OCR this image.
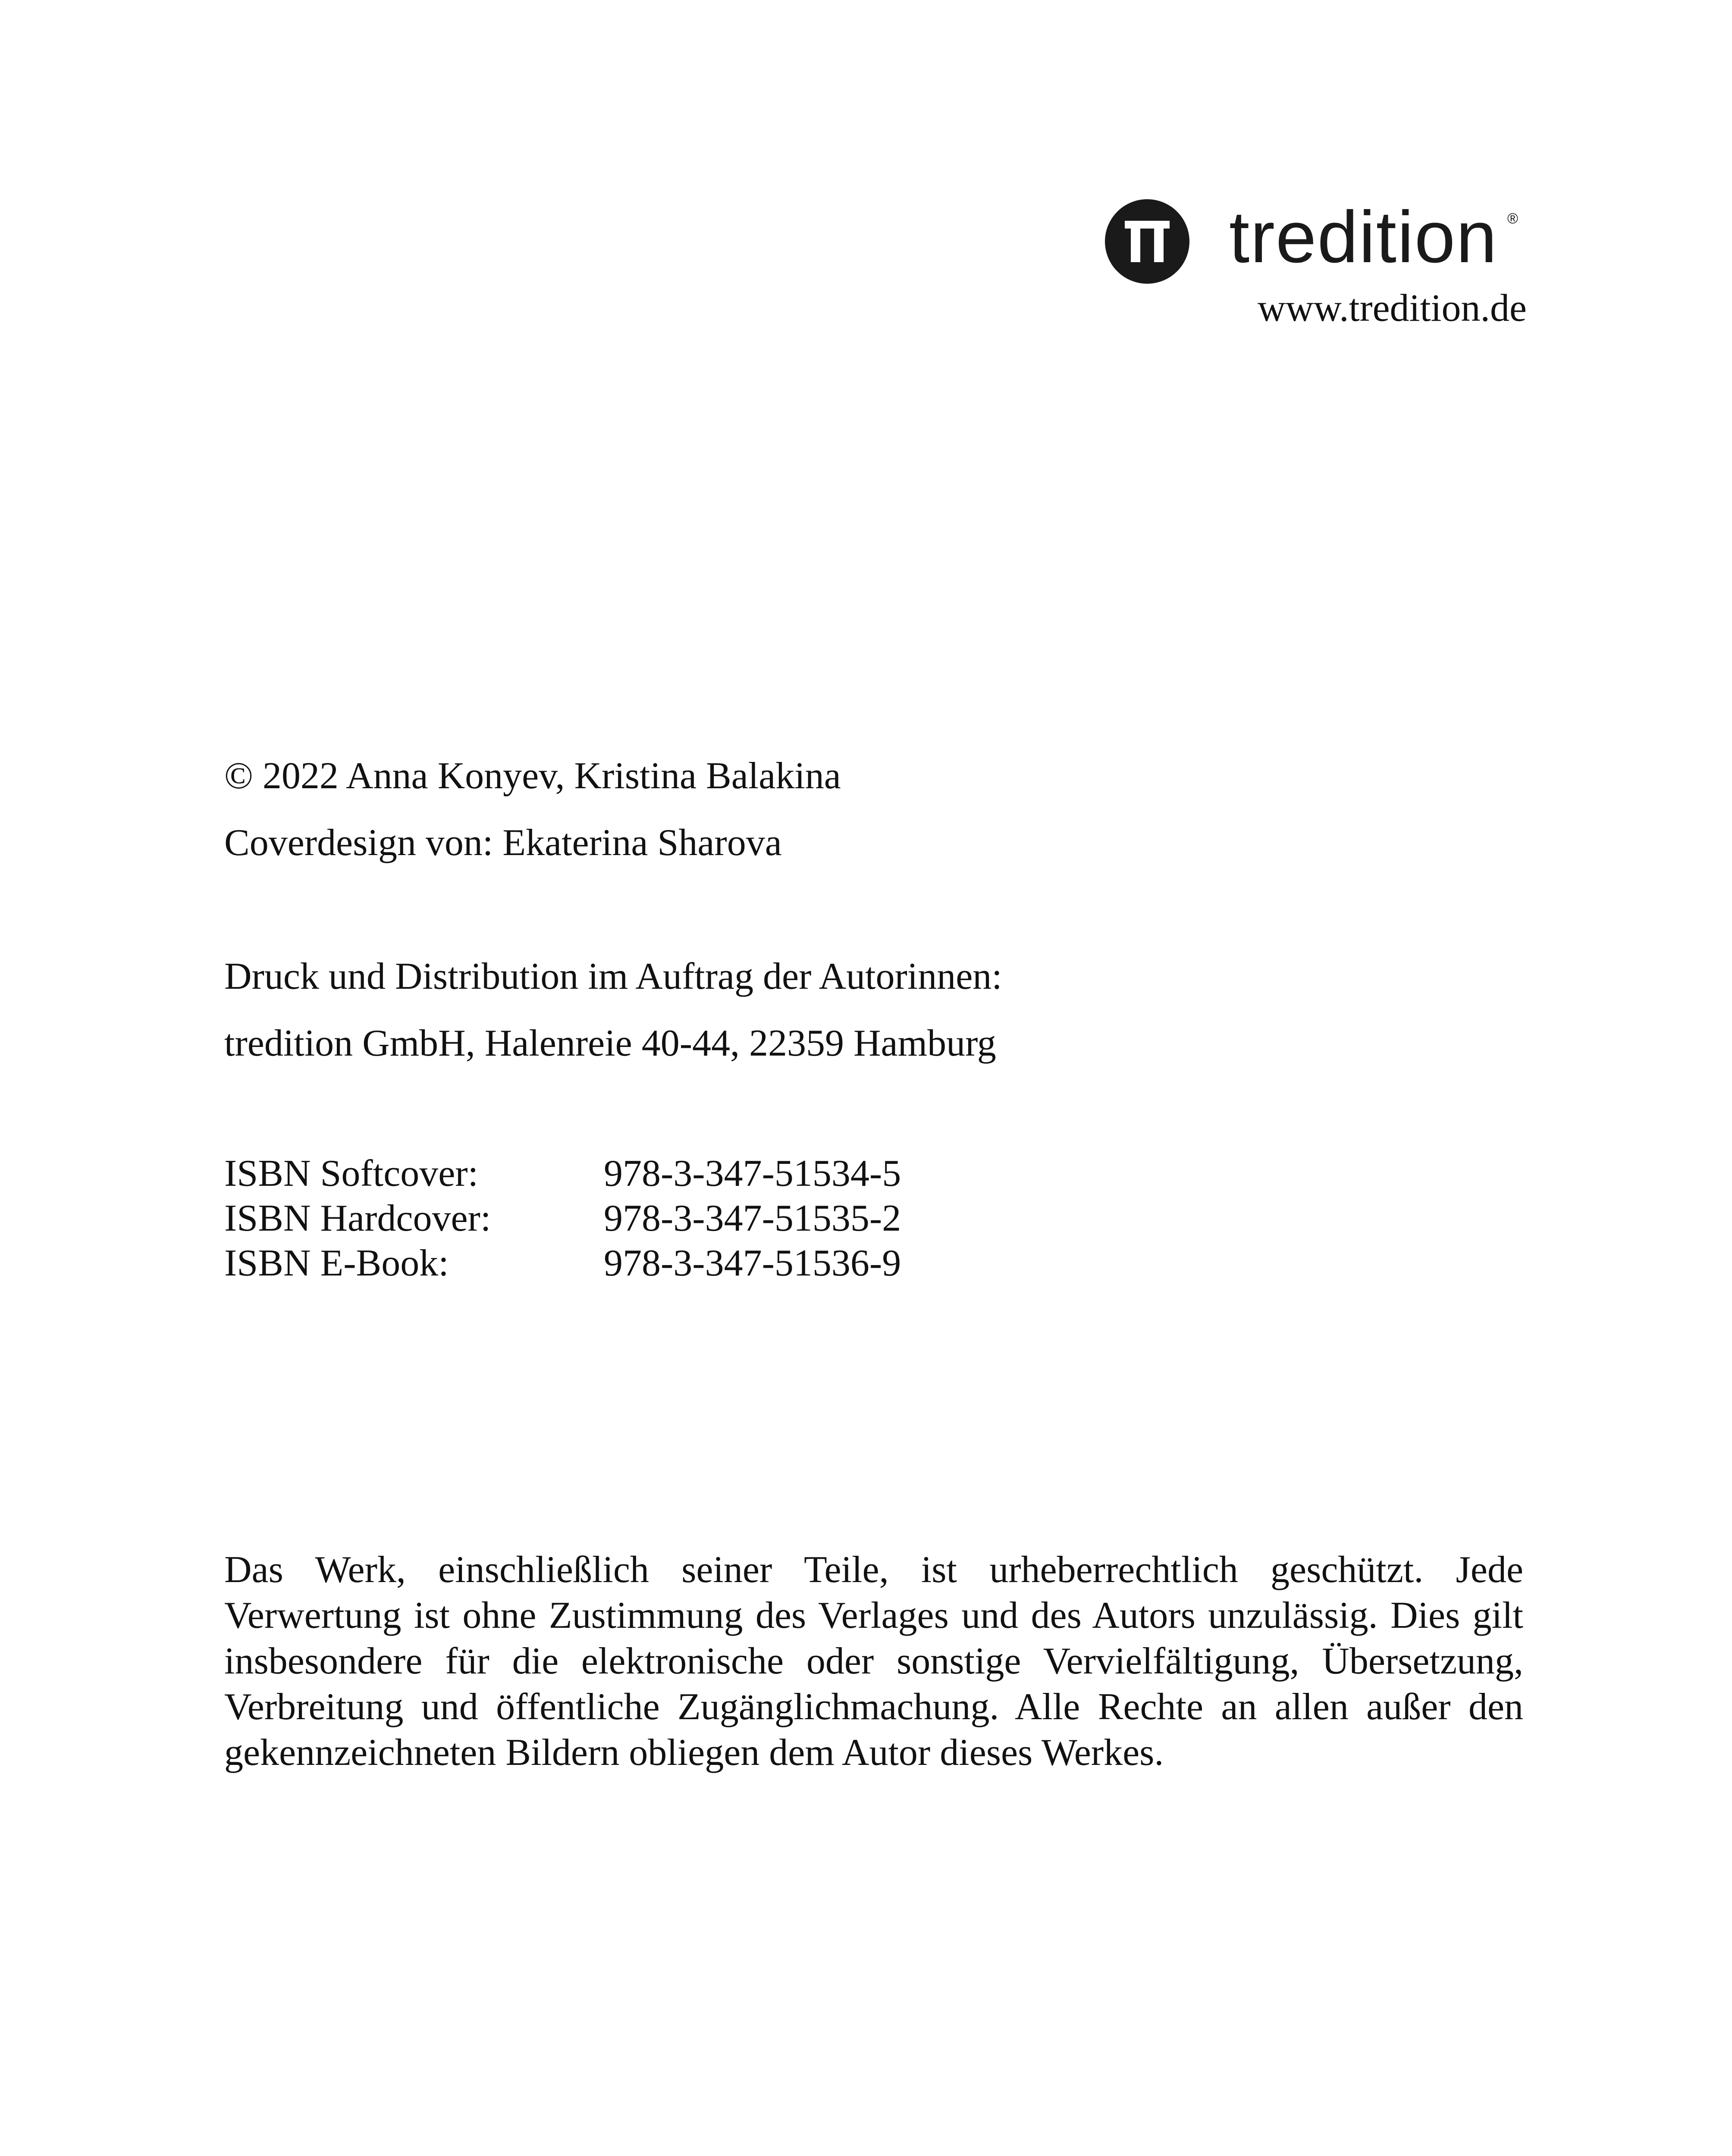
tredition ®
www.tredition.de
© 2022 Anna Konyev, Kristina Balakina
Coverdesign von: Ekaterina Sharova
Druck und Distribution im Auftrag der Autorinnen:
tredition GmbH, Halenreie 40-44, 22359 Hamburg
ISBN Softcover:	978-3-347-51534-5
ISBN Hardcover:	978-3-347-51535-2
ISBN E-Book:	978-3-347-51536-9

Das Werk, einschließlich seiner Teile, ist urheberrechtlich geschützt. Jede Verwertung ist ohne Zustimmung des Verlages und des Autors unzulässig. Dies gilt insbesondere für die elektronische oder sonstige Vervielfältigung, Übersetzung, Verbreitung und öffentliche Zugänglichmachung. Alle Rechte an allen außer den gekennzeichneten Bildern obliegen dem Autor dieses Werkes.
